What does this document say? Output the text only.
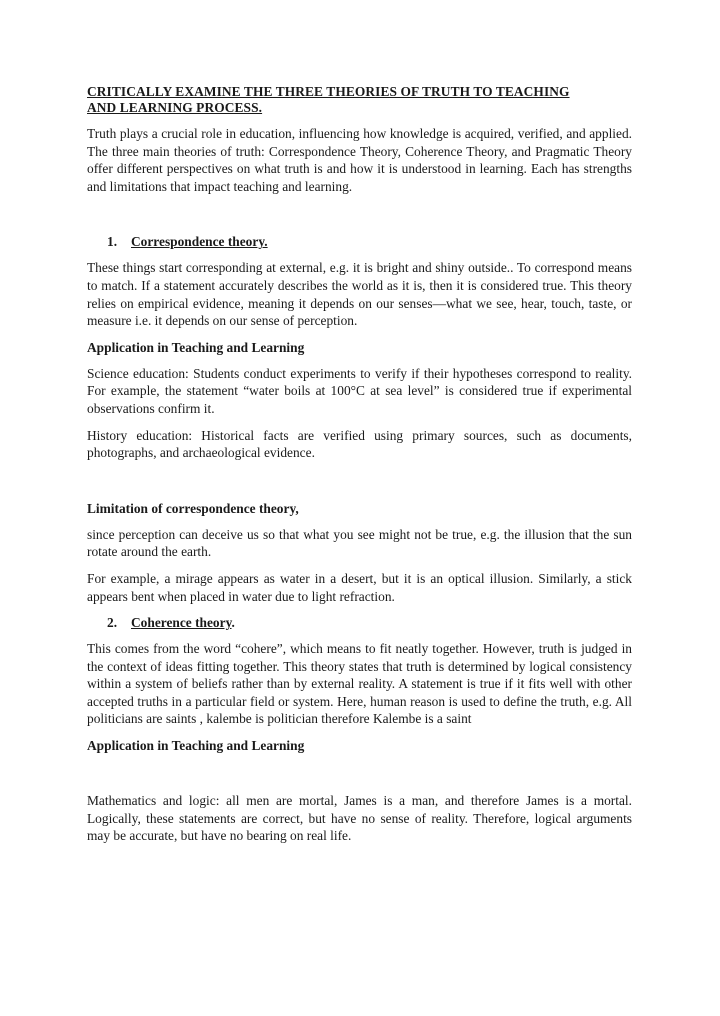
CRITICALLY EXAMINE THE THREE THEORIES OF TRUTH TO TEACHING
AND LEARNING PROCESS.

Truth plays a crucial role in education, influencing how knowledge is acquired, verified, and applied. The three main theories of truth: Correspondence Theory, Coherence Theory, and Pragmatic Theory offer different perspectives on what truth is and how it is understood in learning. Each has strengths and limitations that impact teaching and learning.

1. Correspondence theory.

These things start corresponding at external, e.g. it is bright and shiny outside.. To correspond means to match. If a statement accurately describes the world as it is, then it is considered true. This theory relies on empirical evidence, meaning it depends on our senses—what we see, hear, touch, taste, or measure i.e. it depends on our sense of perception.

Application in Teaching and Learning

Science education: Students conduct experiments to verify if their hypotheses correspond to reality. For example, the statement “water boils at 100°C at sea level” is considered true if experimental observations confirm it.

History education: Historical facts are verified using primary sources, such as documents, photographs, and archaeological evidence.

Limitation of correspondence theory,

since perception can deceive us so that what you see might not be true, e.g. the illusion that the sun rotate around the earth.

For example, a mirage appears as water in a desert, but it is an optical illusion. Similarly, a stick appears bent when placed in water due to light refraction.

2. Coherence theory.

This comes from the word “cohere”, which means to fit neatly together. However, truth is judged in the context of ideas fitting together. This theory states that truth is determined by logical consistency within a system of beliefs rather than by external reality. A statement is true if it fits well with other accepted truths in a particular field or system. Here, human reason is used to define the truth, e.g. All politicians are saints , kalembe is politician therefore Kalembe is a saint

Application in Teaching and Learning

Mathematics and logic: all men are mortal, James is a man, and therefore James is a mortal. Logically, these statements are correct, but have no sense of reality. Therefore, logical arguments may be accurate, but have no bearing on real life.
